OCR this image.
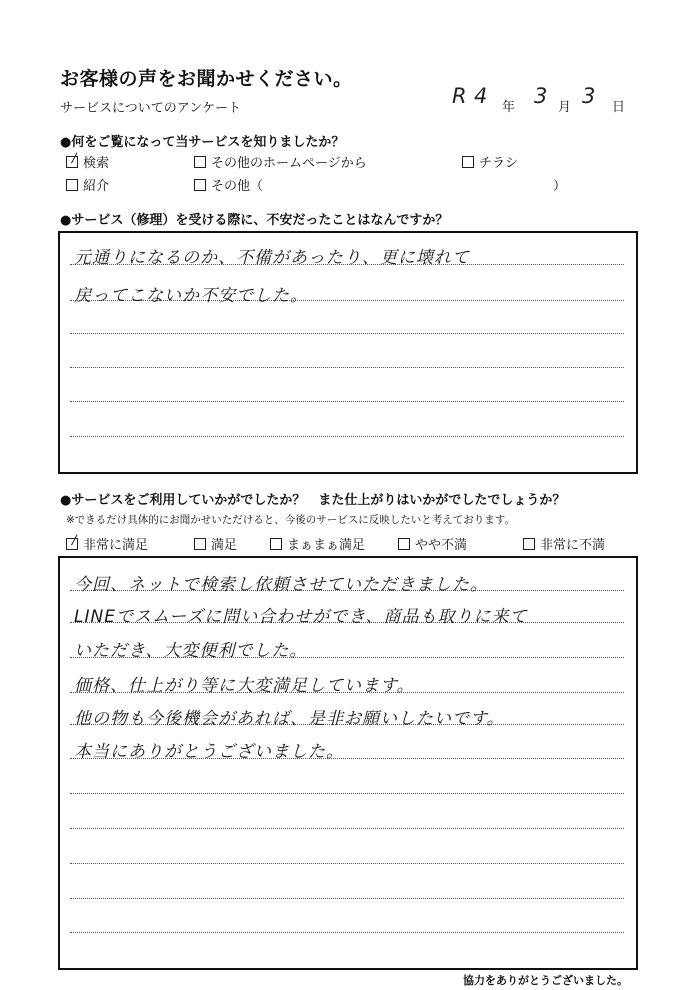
お客様の声をお聞かせください。
サービスについてのアンケート
R 4 年 3 月 3 日
●何をご覧になって当サービスを知りましたか？
検索	その他のホームページから	チラシ
紹介	その他（	）
●サービス（修理）を受ける際に、不安だったことはなんですか？
元通りになるのか、不備があったり、更に壊れて
戻ってこないか不安でした。
●サービスをご利用していかがでしたか？　また仕上がりはいかがでしたでしょうか？
※できるだけ具体的にお聞かせいただけると、今後のサービスに反映したいと考えております。
非常に満足	満足	まぁまぁ満足	やや不満	非常に不満
今回、ネットで検索し依頼させていただきました。
LINEでスムーズに問い合わせができ、商品も取りに来て
いただき、大変便利でした。
価格、仕上がり等に大変満足しています。
他の物も今後機会があれば、是非お願いしたいです。
本当にありがとうございました。
協力をありがとうございました。
